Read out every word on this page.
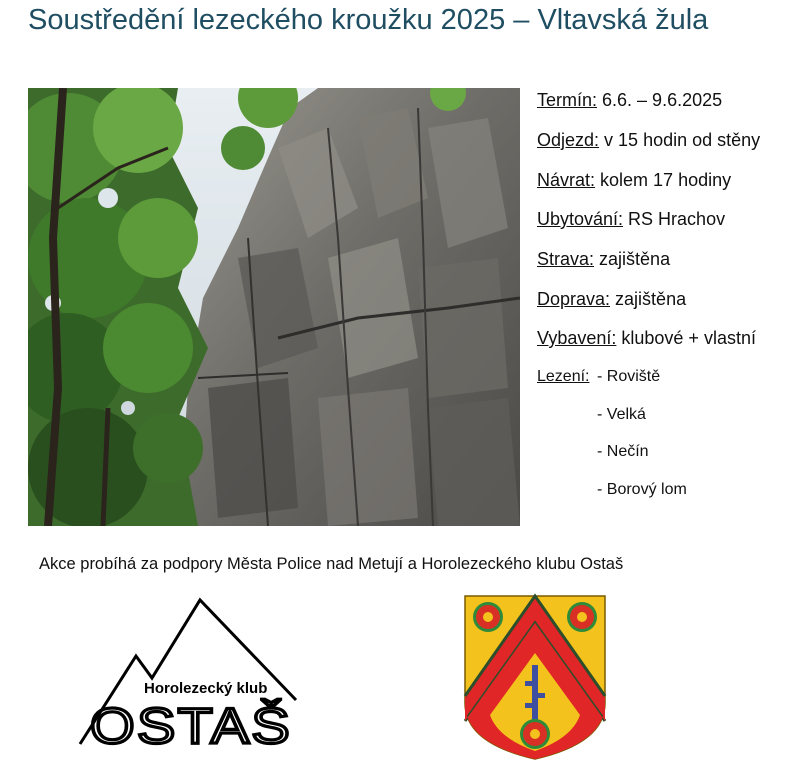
Soustředění lezeckého kroužku 2025 – Vltavská žula
Termín: 6.6. – 9.6.2025
Odjezd: v 15 hodin od stěny
Návrat: kolem 17 hodiny
Ubytování: RS Hrachov
Strava: zajištěna
Doprava: zajištěna
Vybavení: klubové + vlastní
Lezení: - Roviště
- Velká
- Nečín
- Borový lom
Akce probíhá za podpory Města Police nad Metují a Horolezeckého klubu Ostaš
Horolezecký klub
OSTAŠ
